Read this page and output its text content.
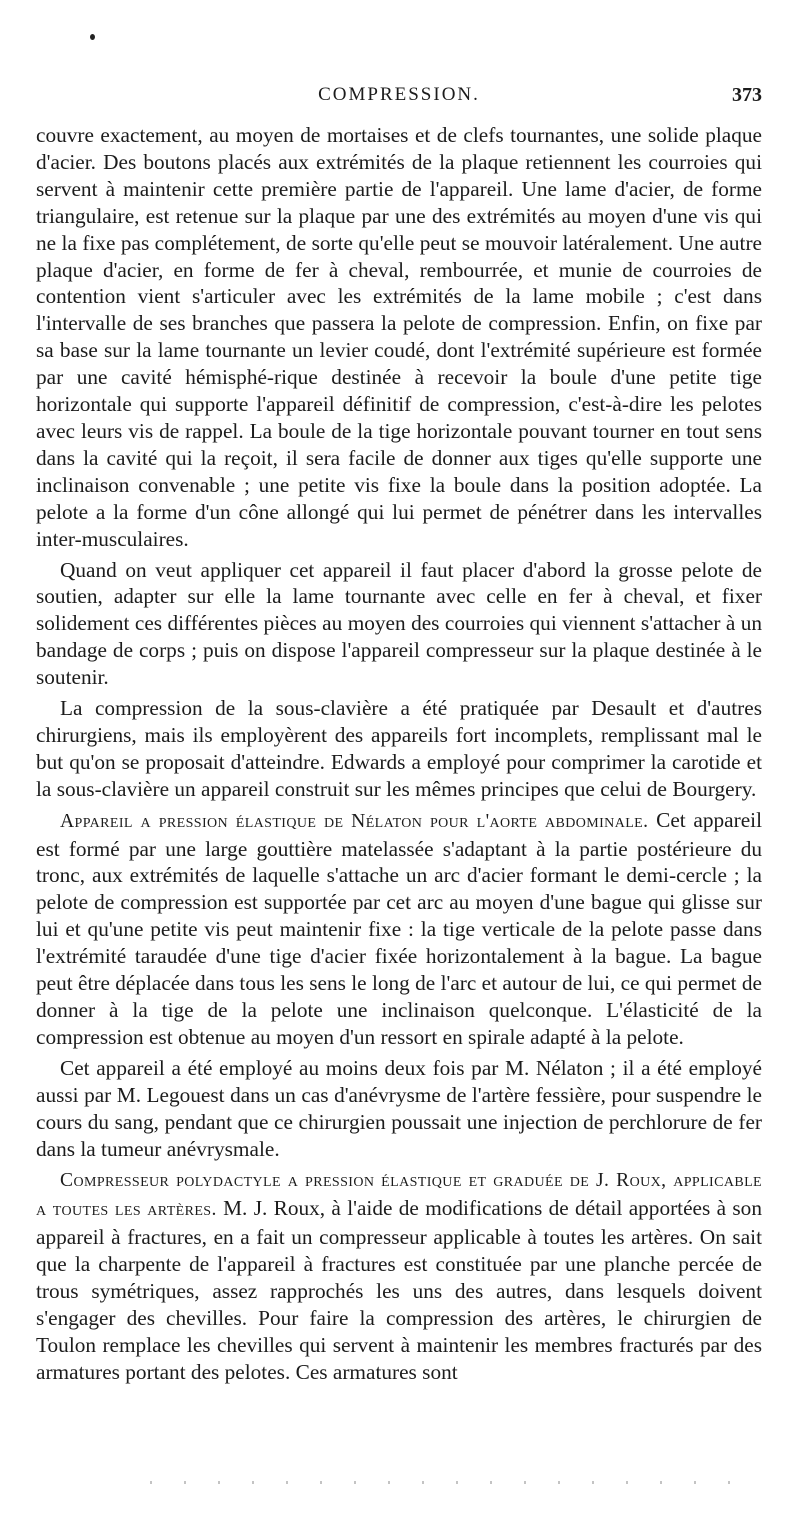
COMPRESSION.	373

couvre exactement, au moyen de mortaises et de clefs tournantes, une solide plaque d'acier. Des boutons placés aux extrémités de la plaque retiennent les courroies qui servent à maintenir cette première partie de l'appareil. Une lame d'acier, de forme triangulaire, est retenue sur la plaque par une des extrémités au moyen d'une vis qui ne la fixe pas complétement, de sorte qu'elle peut se mouvoir latéralement. Une autre plaque d'acier, en forme de fer à cheval, rembourrée, et munie de courroies de contention vient s'articuler avec les extrémités de la lame mobile ; c'est dans l'intervalle de ses branches que passera la pelote de compression. Enfin, on fixe par sa base sur la lame tournante un levier coudé, dont l'extrémité supérieure est formée par une cavité hémisphé-rique destinée à recevoir la boule d'une petite tige horizontale qui supporte l'appareil définitif de compression, c'est-à-dire les pelotes avec leurs vis de rappel. La boule de la tige horizontale pouvant tourner en tout sens dans la cavité qui la reçoit, il sera facile de donner aux tiges qu'elle supporte une inclinaison convenable ; une petite vis fixe la boule dans la position adoptée. La pelote a la forme d'un cône allongé qui lui permet de pénétrer dans les intervalles inter-musculaires.

Quand on veut appliquer cet appareil il faut placer d'abord la grosse pelote de soutien, adapter sur elle la lame tournante avec celle en fer à cheval, et fixer solidement ces différentes pièces au moyen des courroies qui viennent s'attacher à un bandage de corps ; puis on dispose l'appareil compresseur sur la plaque destinée à le soutenir.

La compression de la sous-clavière a été pratiquée par Desault et d'autres chirurgiens, mais ils employèrent des appareils fort incomplets, remplissant mal le but qu'on se proposait d'atteindre. Edwards a employé pour comprimer la carotide et la sous-clavière un appareil construit sur les mêmes principes que celui de Bourgery.

Appareil a pression élastique de Nélaton pour l'aorte abdominale. Cet appareil est formé par une large gouttière matelassée s'adaptant à la partie postérieure du tronc, aux extrémités de laquelle s'attache un arc d'acier formant le demi-cercle ; la pelote de compression est supportée par cet arc au moyen d'une bague qui glisse sur lui et qu'une petite vis peut maintenir fixe : la tige verticale de la pelote passe dans l'extrémité taraudée d'une tige d'acier fixée horizontalement à la bague. La bague peut être déplacée dans tous les sens le long de l'arc et autour de lui, ce qui permet de donner à la tige de la pelote une inclinaison quelconque. L'élasticité de la compression est obtenue au moyen d'un ressort en spirale adapté à la pelote.

Cet appareil a été employé au moins deux fois par M. Nélaton ; il a été employé aussi par M. Legouest dans un cas d'anévrysme de l'artère fessière, pour suspendre le cours du sang, pendant que ce chirurgien poussait une injection de perchlorure de fer dans la tumeur anévrysmale.

Compresseur polydactyle a pression élastique et graduée de J. Roux, applicable a toutes les artères. M. J. Roux, à l'aide de modifications de détail apportées à son appareil à fractures, en a fait un compresseur applicable à toutes les artères. On sait que la charpente de l'appareil à fractures est constituée par une planche percée de trous symétriques, assez rapprochés les uns des autres, dans lesquels doivent s'engager des chevilles. Pour faire la compression des artères, le chirurgien de Toulon remplace les chevilles qui servent à maintenir les membres fracturés par des armatures portant des pelotes. Ces armatures sont
